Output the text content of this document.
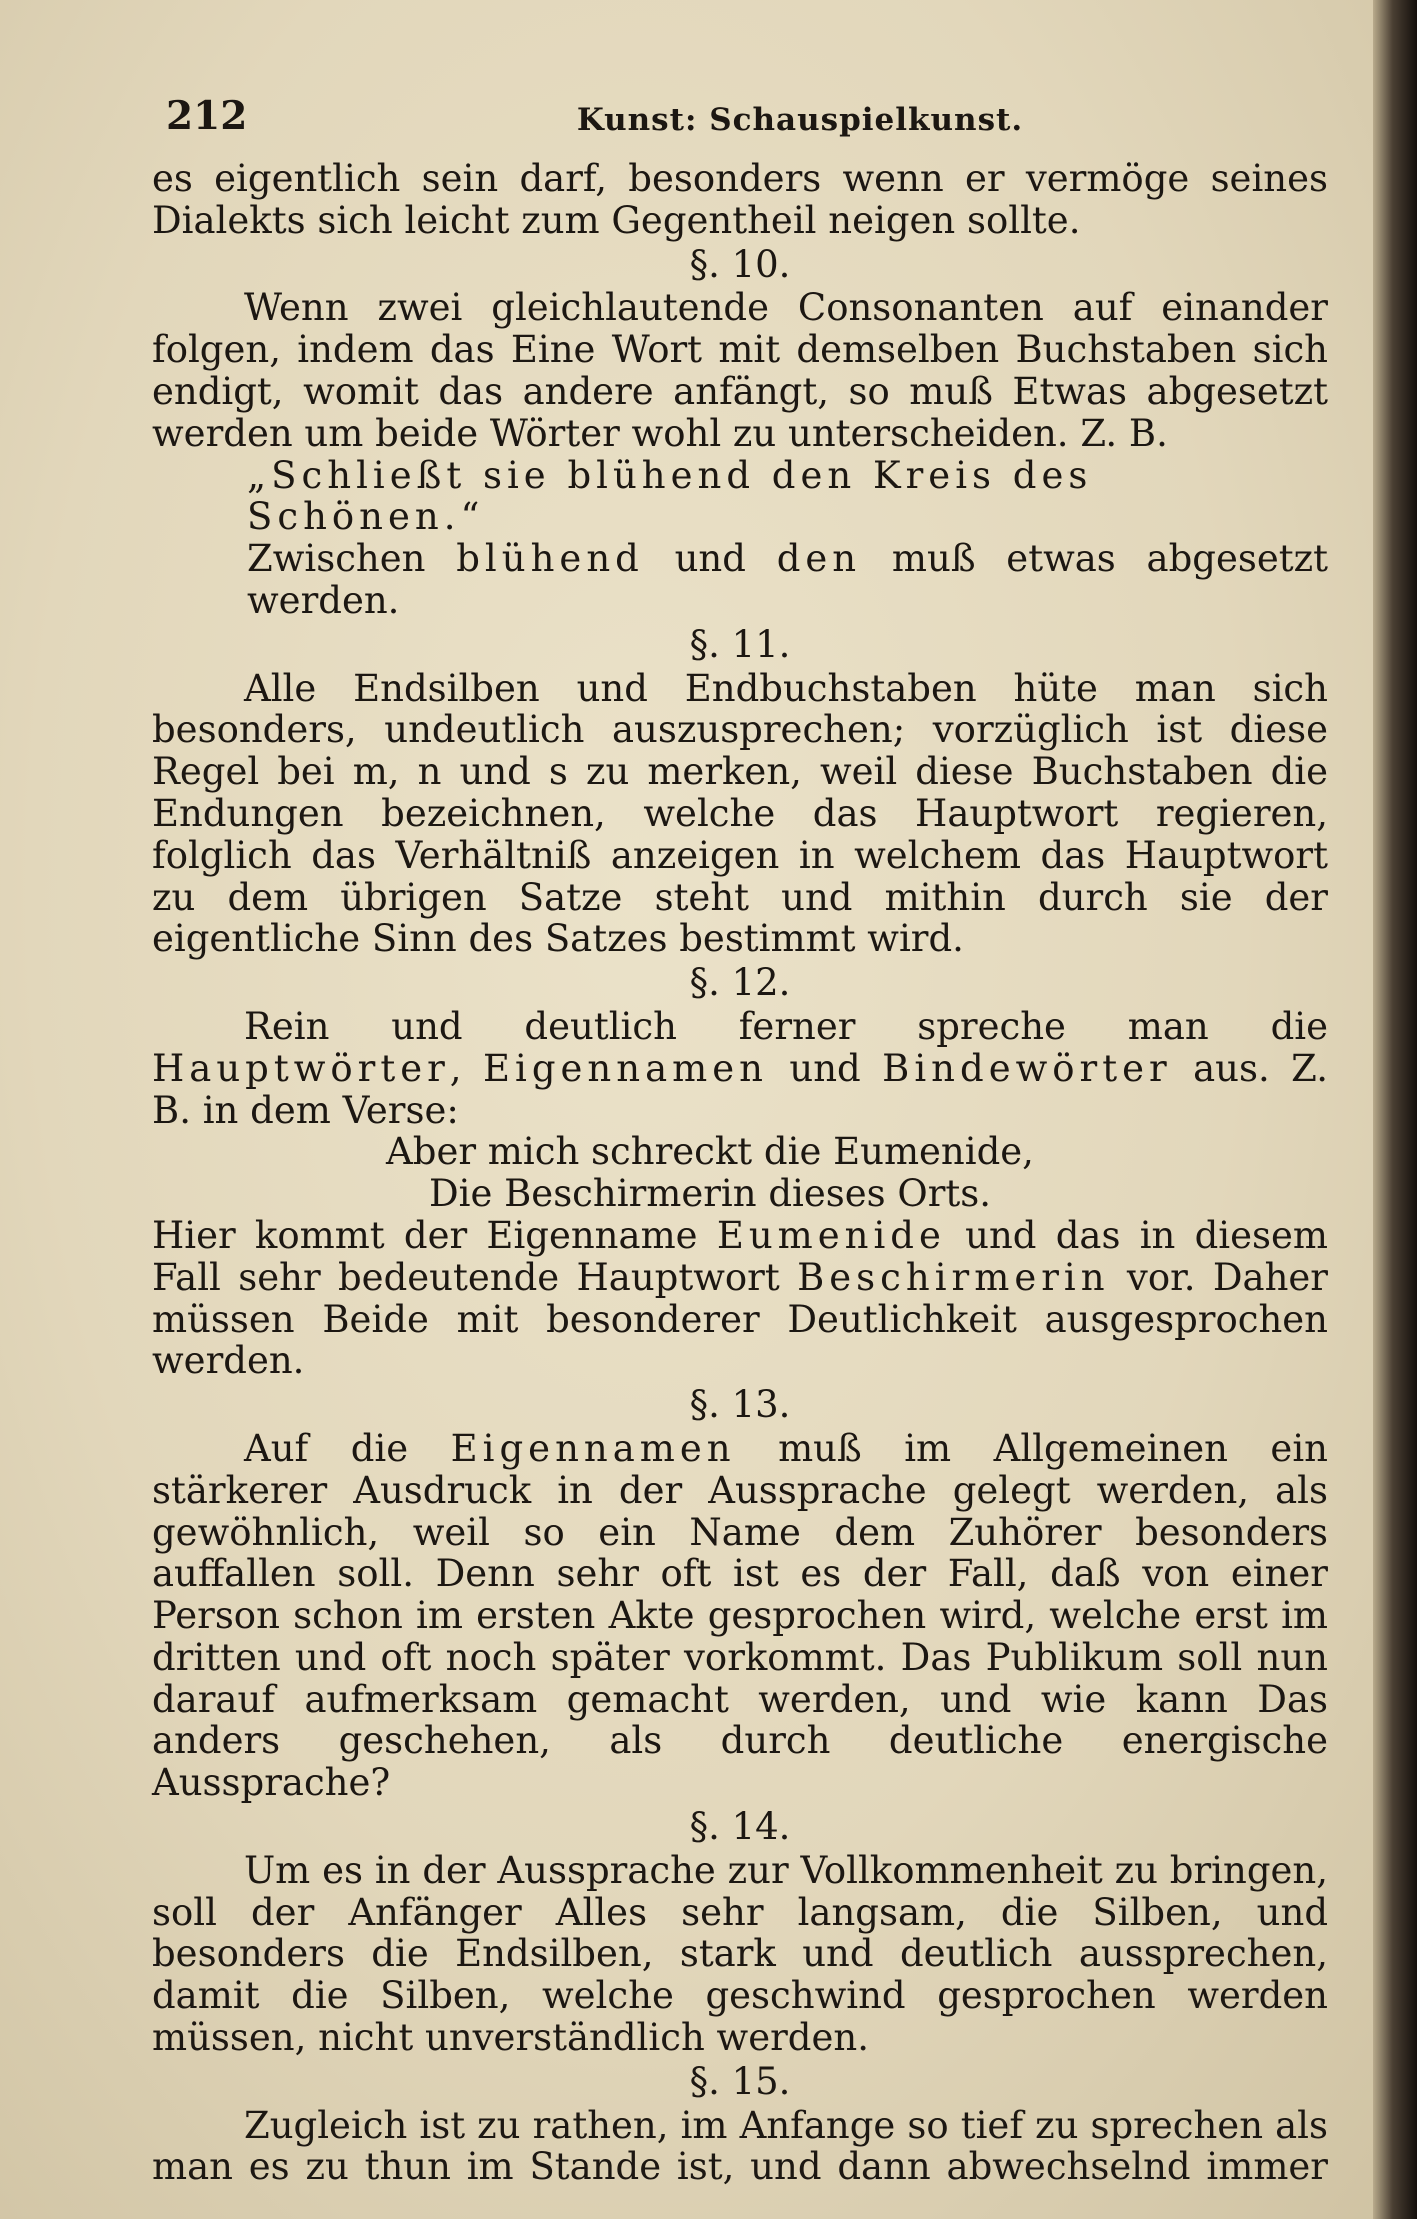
212	Kunst: Schauspielkunst.

es eigentlich sein darf, besonders wenn er vermöge seines Dialekts sich leicht zum Gegentheil neigen sollte.

§. 10.

Wenn zwei gleichlautende Consonanten auf einander folgen, indem das Eine Wort mit demselben Buchstaben sich endigt, womit das andere anfängt, so muß Etwas abgesetzt werden um beide Wörter wohl zu unterscheiden. Z. B.

„Schließt sie blühend den Kreis des Schönen.“

Zwischen blühend und den muß etwas abgesetzt werden.

§. 11.

Alle Endsilben und Endbuchstaben hüte man sich besonders, undeutlich auszusprechen; vorzüglich ist diese Regel bei m, n und s zu merken, weil diese Buchstaben die Endungen bezeichnen, welche das Hauptwort regieren, folglich das Verhältniß anzeigen in welchem das Hauptwort zu dem übrigen Satze steht und mithin durch sie der eigentliche Sinn des Satzes bestimmt wird.

§. 12.

Rein und deutlich ferner spreche man die Hauptwörter, Eigennamen und Bindewörter aus. Z. B. in dem Verse:

Aber mich schreckt die Eumenide,

Die Beschirmerin dieses Orts.

Hier kommt der Eigenname Eumenide und das in diesem Fall sehr bedeutende Hauptwort Beschirmerin vor. Daher müssen Beide mit besonderer Deutlichkeit ausgesprochen werden.

§. 13.

Auf die Eigennamen muß im Allgemeinen ein stärkerer Ausdruck in der Aussprache gelegt werden, als gewöhnlich, weil so ein Name dem Zuhörer besonders auffallen soll. Denn sehr oft ist es der Fall, daß von einer Person schon im ersten Akte gesprochen wird, welche erst im dritten und oft noch später vorkommt. Das Publikum soll nun darauf aufmerksam gemacht werden, und wie kann Das anders geschehen, als durch deutliche energische Aussprache?

§. 14.

Um es in der Aussprache zur Vollkommenheit zu bringen, soll der Anfänger Alles sehr langsam, die Silben, und besonders die Endsilben, stark und deutlich aussprechen, damit die Silben, welche geschwind gesprochen werden müssen, nicht unverständlich werden.

§. 15.

Zugleich ist zu rathen, im Anfange so tief zu sprechen als man es zu thun im Stande ist, und dann abwechselnd immer
